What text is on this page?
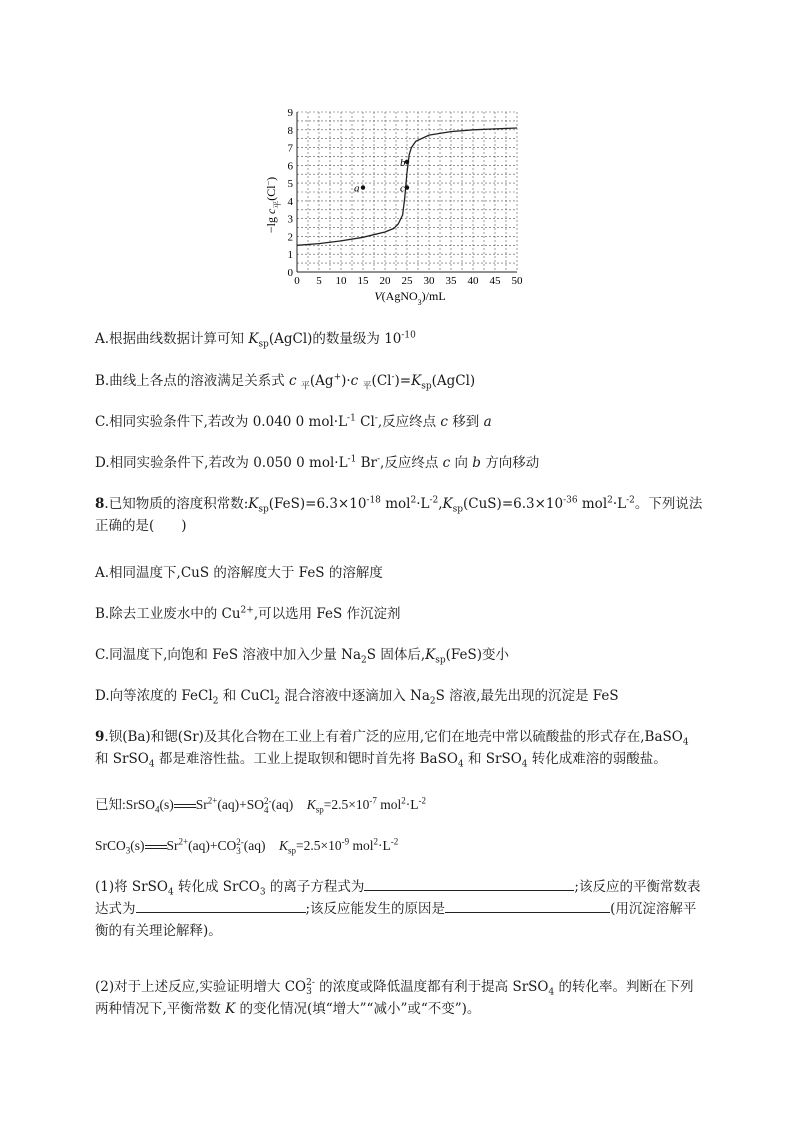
0 5 10 15 20 25 30 35 40 45 50
0
1
2
3
4
5
6
7
8
9
a
b
c
V(AgNO$_3$)/mL
−lg $c_平(Cl^-)$
A.根据曲线数据计算可知 $K_{sp}(AgCl)$的数量级为 $10^{-10}$
B.曲线上各点的溶液满足关系式 c $_平$(Ag+)·c $_平(Cl^-)=K_{sp}(AgCl)$
C.相同实验条件下,若改为 0.040 0 $mol\cdot L^{-1}$ Cl-,反应终点 c 移到 a
D.相同实验条件下,若改为 0.050 0 $mol\cdot L^{-1}$ Br-,反应终点 c 向 b 方向移动
8.已知物质的溶度积常数$:K_{sp}(FeS)=6.3\times 10^{-18}$ $mol^2\cdot L^{-2},K_{sp}(CuS)=6.3\times 10^{-36}$ $mol^2\cdot L^{-2}$。下列说法正确的是(　　)
A.相同温度下,CuS 的溶解度大于 FeS 的溶解度
B.除去工业废水中的 $Cu^{2+}$,可以选用 FeS 作沉淀剂
C.同温度下,向饱和 FeS 溶液中加入少量 $Na_2S$ 固体后$,K_{sp}(FeS)$变小
D.向等浓度的 FeCl$_2$ 和 CuCl$_2$ 混合溶液中逐滴加入 $Na_2S$ 溶液,最先出现的沉淀是 FeS
9.钡(Ba)和锶(Sr)及其化合物在工业上有着广泛的应用,它们在地壳中常以硫酸盐的形式存在,BaSO$_4$ 和 SrSO$_4$ 都是难溶性盐。工业上提取钡和锶时首先将 BaSO$_4$ 和 SrSO$_4$ 转化成难溶的弱酸盐。
已知:SrSO$_4$(s) $Sr^{2+}(aq)+SO$ 2-
4 (aq)　$K_{sp}=2.5\times 10^{-7}$ $mol^2\cdot L^{-2}$
SrCO$_3$(s) $Sr^{2+}(aq)+CO$ 2-
3 (aq)　$K_{sp}=2.5\times 10^{-9}$ $mol^2\cdot L^{-2}$
(1)将 SrSO$_4$ 转化成 SrCO$_3$ 的离子方程式为	;该反应的平衡常数表达式为	;该反应能发生的原因是	(用沉淀溶解平衡的有关理论解释)。
(2)对于上述反应,实验证明增大 CO 2-
3 的浓度或降低温度都有利于提高 SrSO$_4$ 的转化率。判断在下列两种情况下,平衡常数 K 的变化情况(填“增大”“减小”或“不变”)。
